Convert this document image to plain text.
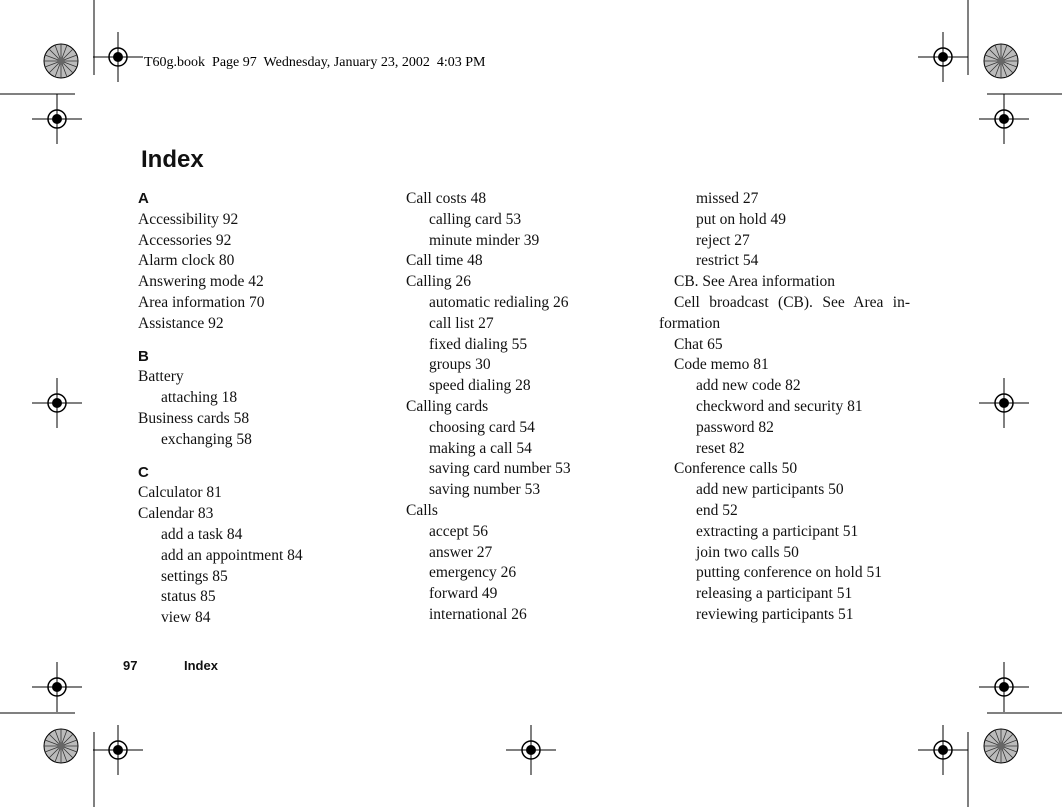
T60g.book  Page 97  Wednesday, January 23, 2002  4:03 PM
Index
A
Accessibility 92
Accessories 92
Alarm clock 80
Answering mode 42
Area information 70
Assistance 92
B
Battery
attaching 18
Business cards 58
exchanging 58
C
Calculator 81
Calendar 83
add a task 84
add an appointment 84
settings 85
status 85
view 84
Call costs 48
calling card 53
minute minder 39
Call time 48
Calling 26
automatic redialing 26
call list 27
fixed dialing 55
groups 30
speed dialing 28
Calling cards
choosing card 54
making a call 54
saving card number 53
saving number 53
Calls
accept 56
answer 27
emergency 26
forward 49
international 26
missed 27
put on hold 49
reject 27
restrict 54
CB. See Area information
Cell broadcast (CB). See Area in-
formation
Chat 65
Code memo 81
add new code 82
checkword and security 81
password 82
reset 82
Conference calls 50
add new participants 50
end 52
extracting a participant 51
join two calls 50
putting conference on hold 51
releasing a participant 51
reviewing participants 51
97	Index
